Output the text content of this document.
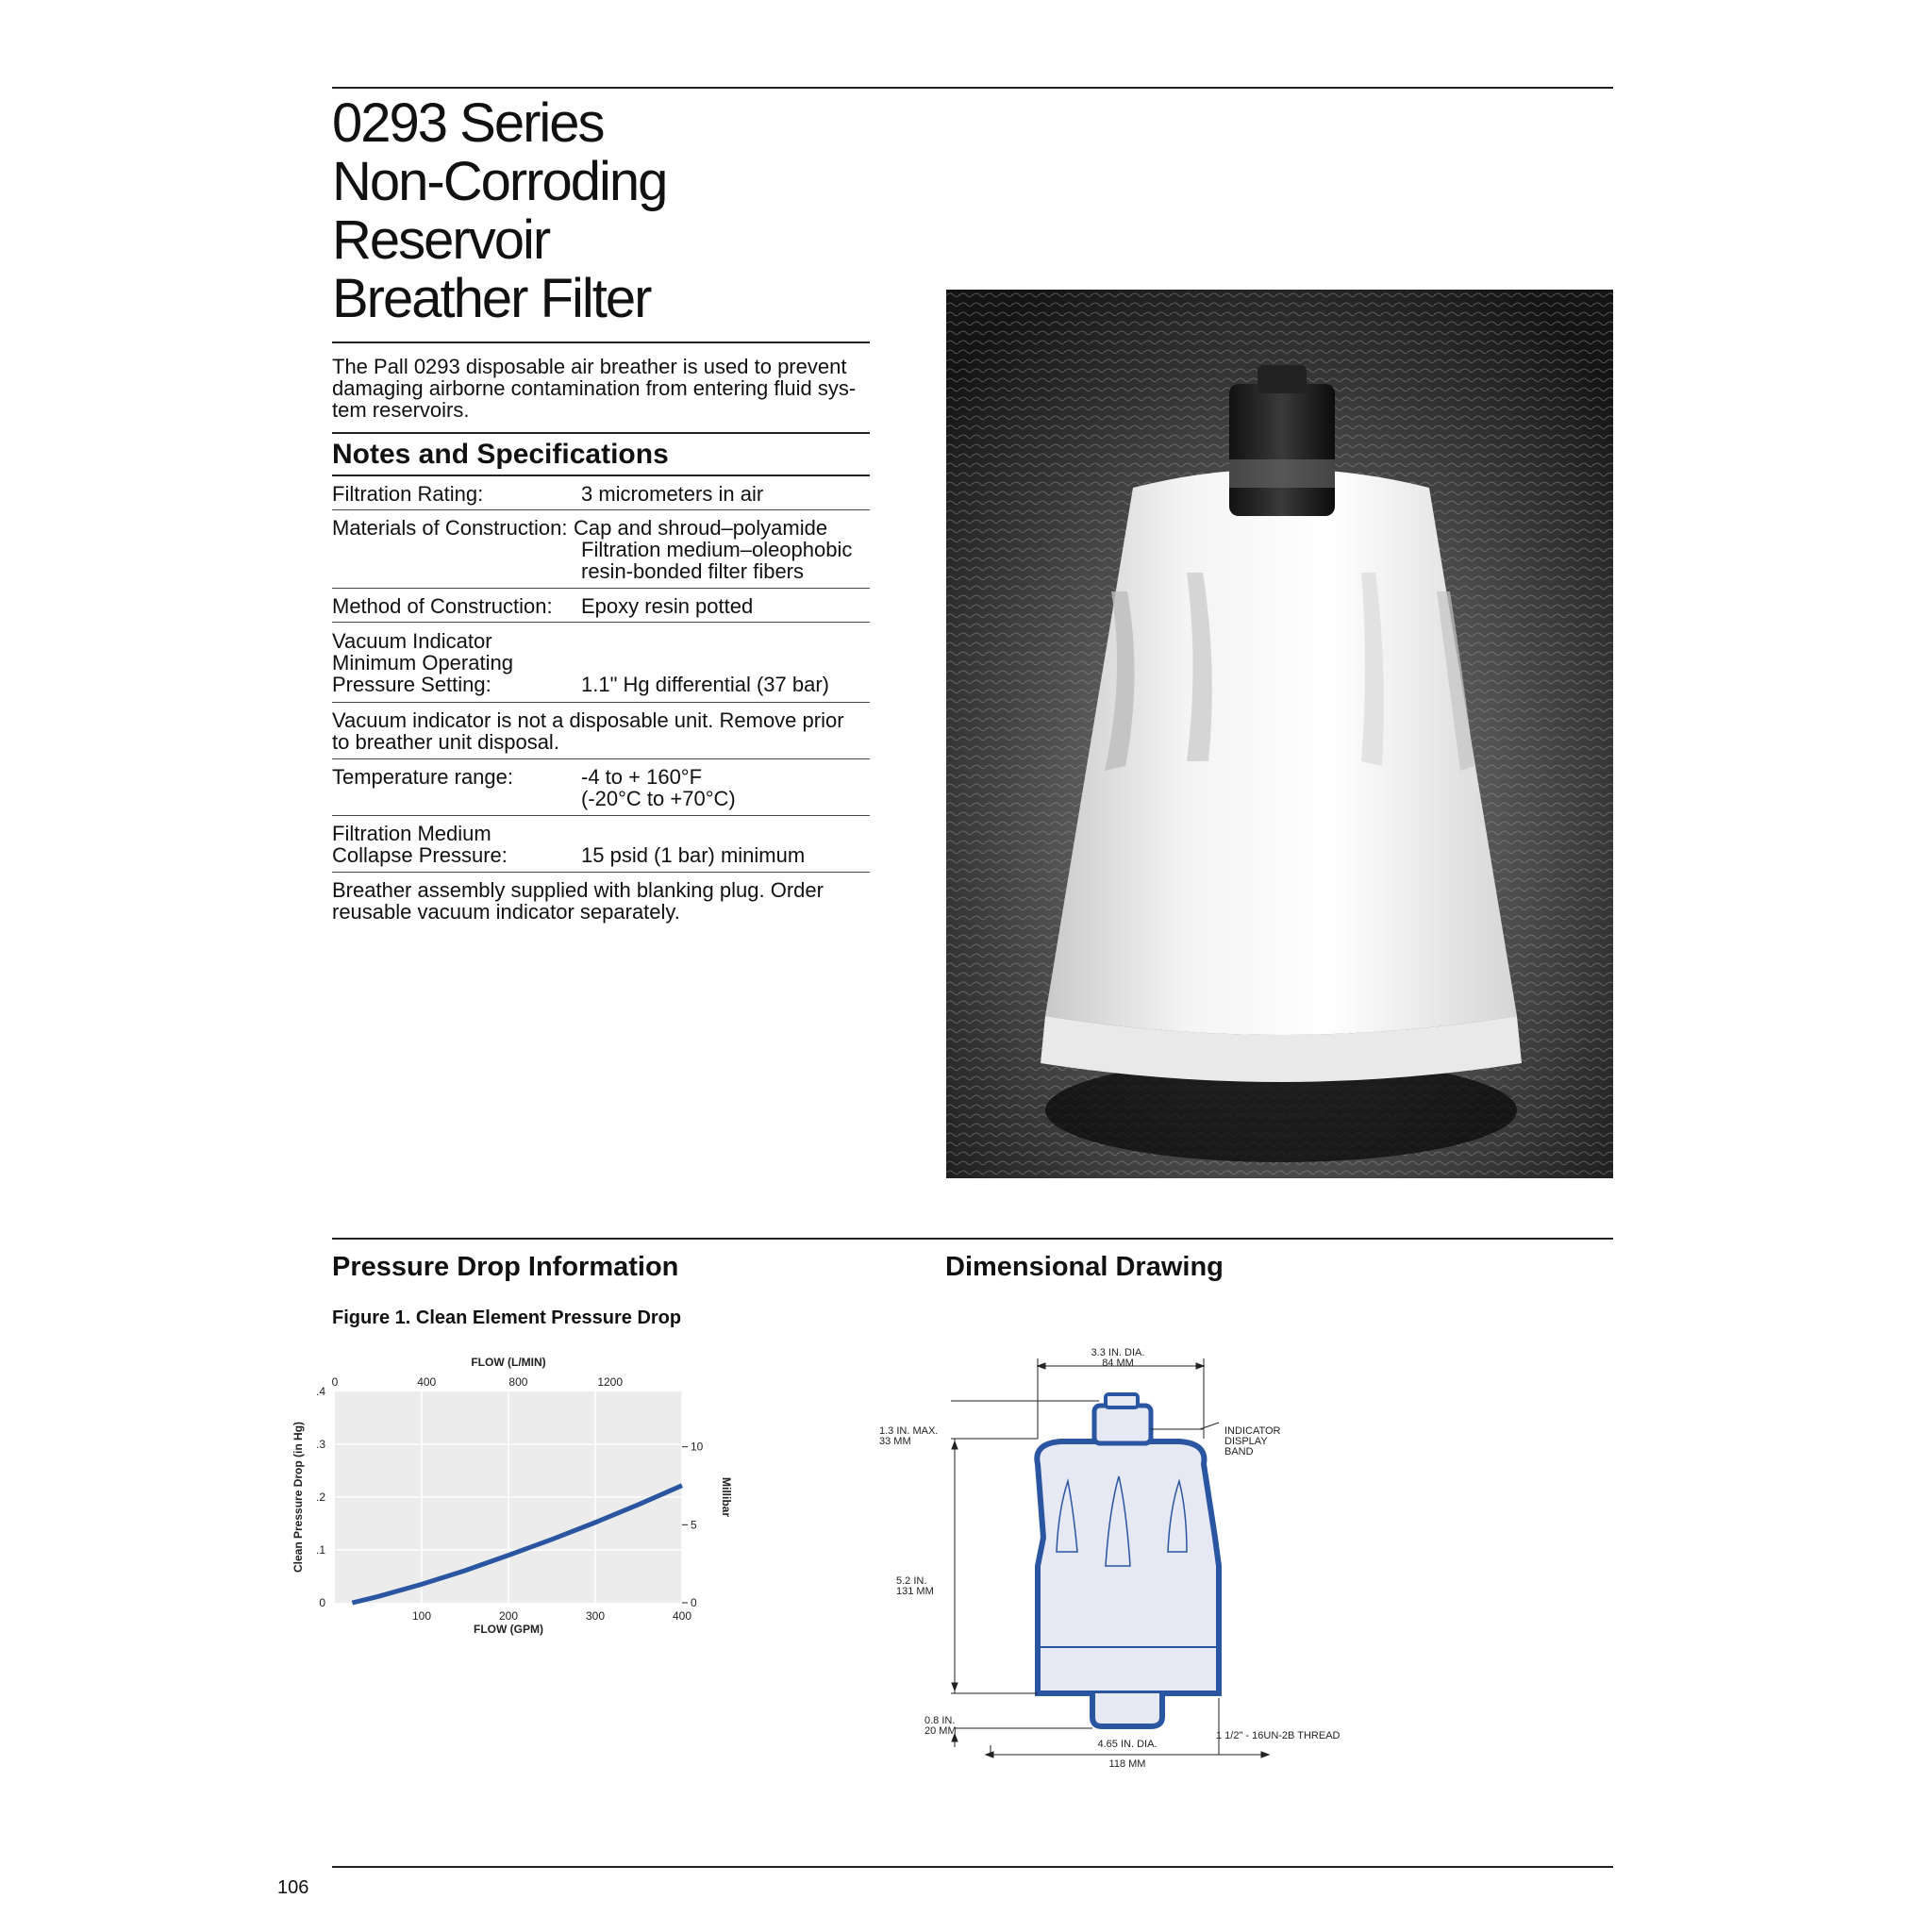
0293 Series
Non-Corroding
Reservoir
Breather Filter
The Pall 0293 disposable air breather is used to prevent damaging airborne contamination from entering fluid sys-tem reservoirs.
Notes and Specifications
Filtration Rating:	3 micrometers in air
Materials of Construction: Cap and shroud–polyamide
Filtration medium–oleophobic
resin-bonded filter fibers
Method of Construction: Epoxy resin potted
Vacuum Indicator
Minimum Operating
Pressure Setting:	1.1" Hg differential (37 bar)
Vacuum indicator is not a disposable unit. Remove prior
to breather unit disposal.
Temperature range:	-4 to + 160°F
(-20°C to +70°C)
Filtration Medium
Collapse Pressure:	15 psid (1 bar) minimum
Breather assembly supplied with blanking plug. Order
reusable vacuum indicator separately.
Pressure Drop Information	Dimensional Drawing
Figure 1. Clean Element Pressure Drop
0
.1
.2
.3
.4
100	200	300	400
0	400	800	1200
0
5
10
FLOW (L/MIN)
FLOW (GPM)
Clean Pressure Drop (in Hg)	Millibar
3.3 IN. DIA.
84 MM
1.3 IN. MAX.
33 MM
INDICATOR
DISPLAY
BAND
5.2 IN.
131 MM
0.8 IN.
20 MM	1 1/2" - 16UN-2B THREAD
4.65 IN. DIA.
118 MM
106
